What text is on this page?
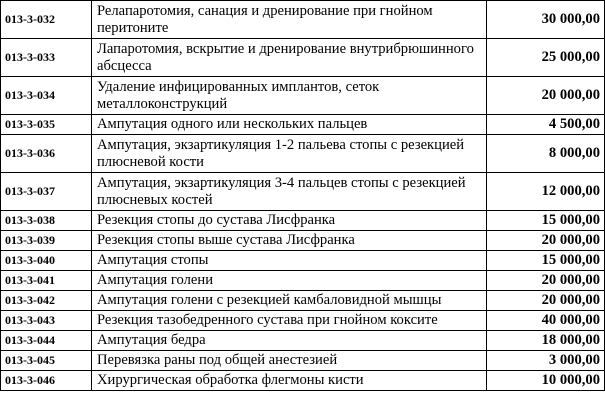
013-3-032	Релапаротомия, санация и дренирование при гнойном перитоните	30 000,00
013-3-033	Лапаротомия, вскрытие и дренирование внутрибрюшинного абсцесса	25 000,00
013-3-034	Удаление инфицированных имплантов, сеток металлоконструкций	20 000,00
013-3-035	Ампутация одного или нескольких пальцев	4 500,00
013-3-036	Ампутация, экзартикуляция 1-2 пальева стопы с резекцией плюсневой кости	8 000,00
013-3-037	Ампутация, экзартикуляция 3-4 пальцев стопы с резекцией плюсневых костей	12 000,00
013-3-038	Резекция стопы до сустава Лисфранка	15 000,00
013-3-039	Резекция стопы выше сустава Лисфранка	20 000,00
013-3-040	Ампутация стопы	15 000,00
013-3-041	Ампутация голени	20 000,00
013-3-042	Ампутация голени с резекцией камбаловидной мышцы	20 000,00
013-3-043	Резекция тазобедренного сустава при гнойном коксите	40 000,00
013-3-044	Ампутация бедра	18 000,00
013-3-045	Перевязка раны под общей анестезией	3 000,00
013-3-046	Хирургическая обработка флегмоны кисти	10 000,00
